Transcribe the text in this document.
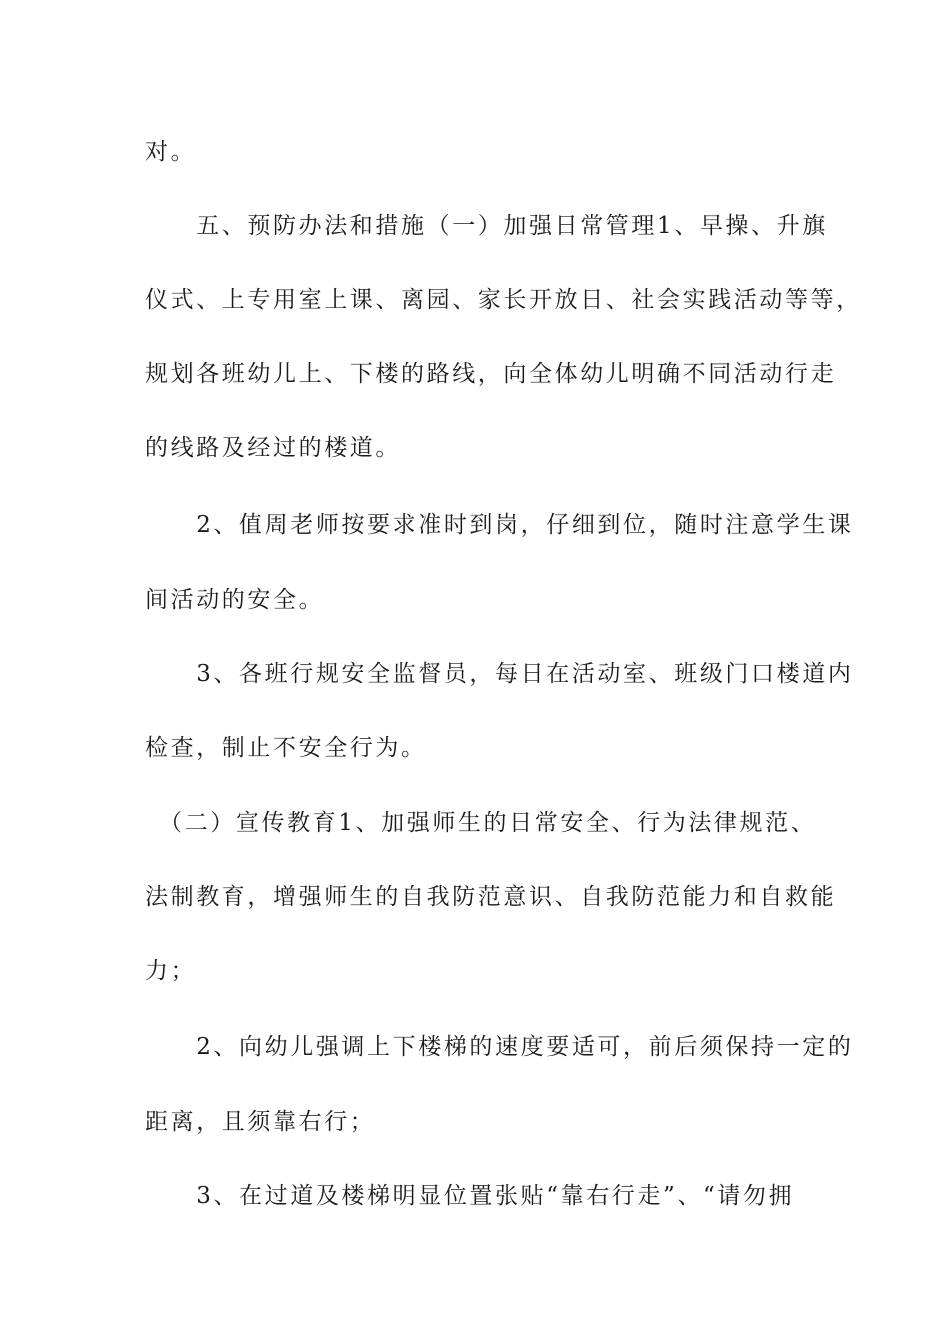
对。
　　五、预防办法和措施（一）加强日常管理1、早操、升旗
仪式、上专用室上课、离园、家长开放日、社会实践活动等等，
规划各班幼儿上、下楼的路线，向全体幼儿明确不同活动行走
的线路及经过的楼道。
　　2、值周老师按要求准时到岗，仔细到位，随时注意学生课
间活动的安全。
　　3、各班行规安全监督员，每日在活动室、班级门口楼道内
检查，制止不安全行为。
　（二）宣传教育1、加强师生的日常安全、行为法律规范、
法制教育，增强师生的自我防范意识、自我防范能力和自救能
力；
　　2、向幼儿强调上下楼梯的速度要适可，前后须保持一定的
距离，且须靠右行；
　　3、在过道及楼梯明显位置张贴“靠右行走”、“请勿拥
